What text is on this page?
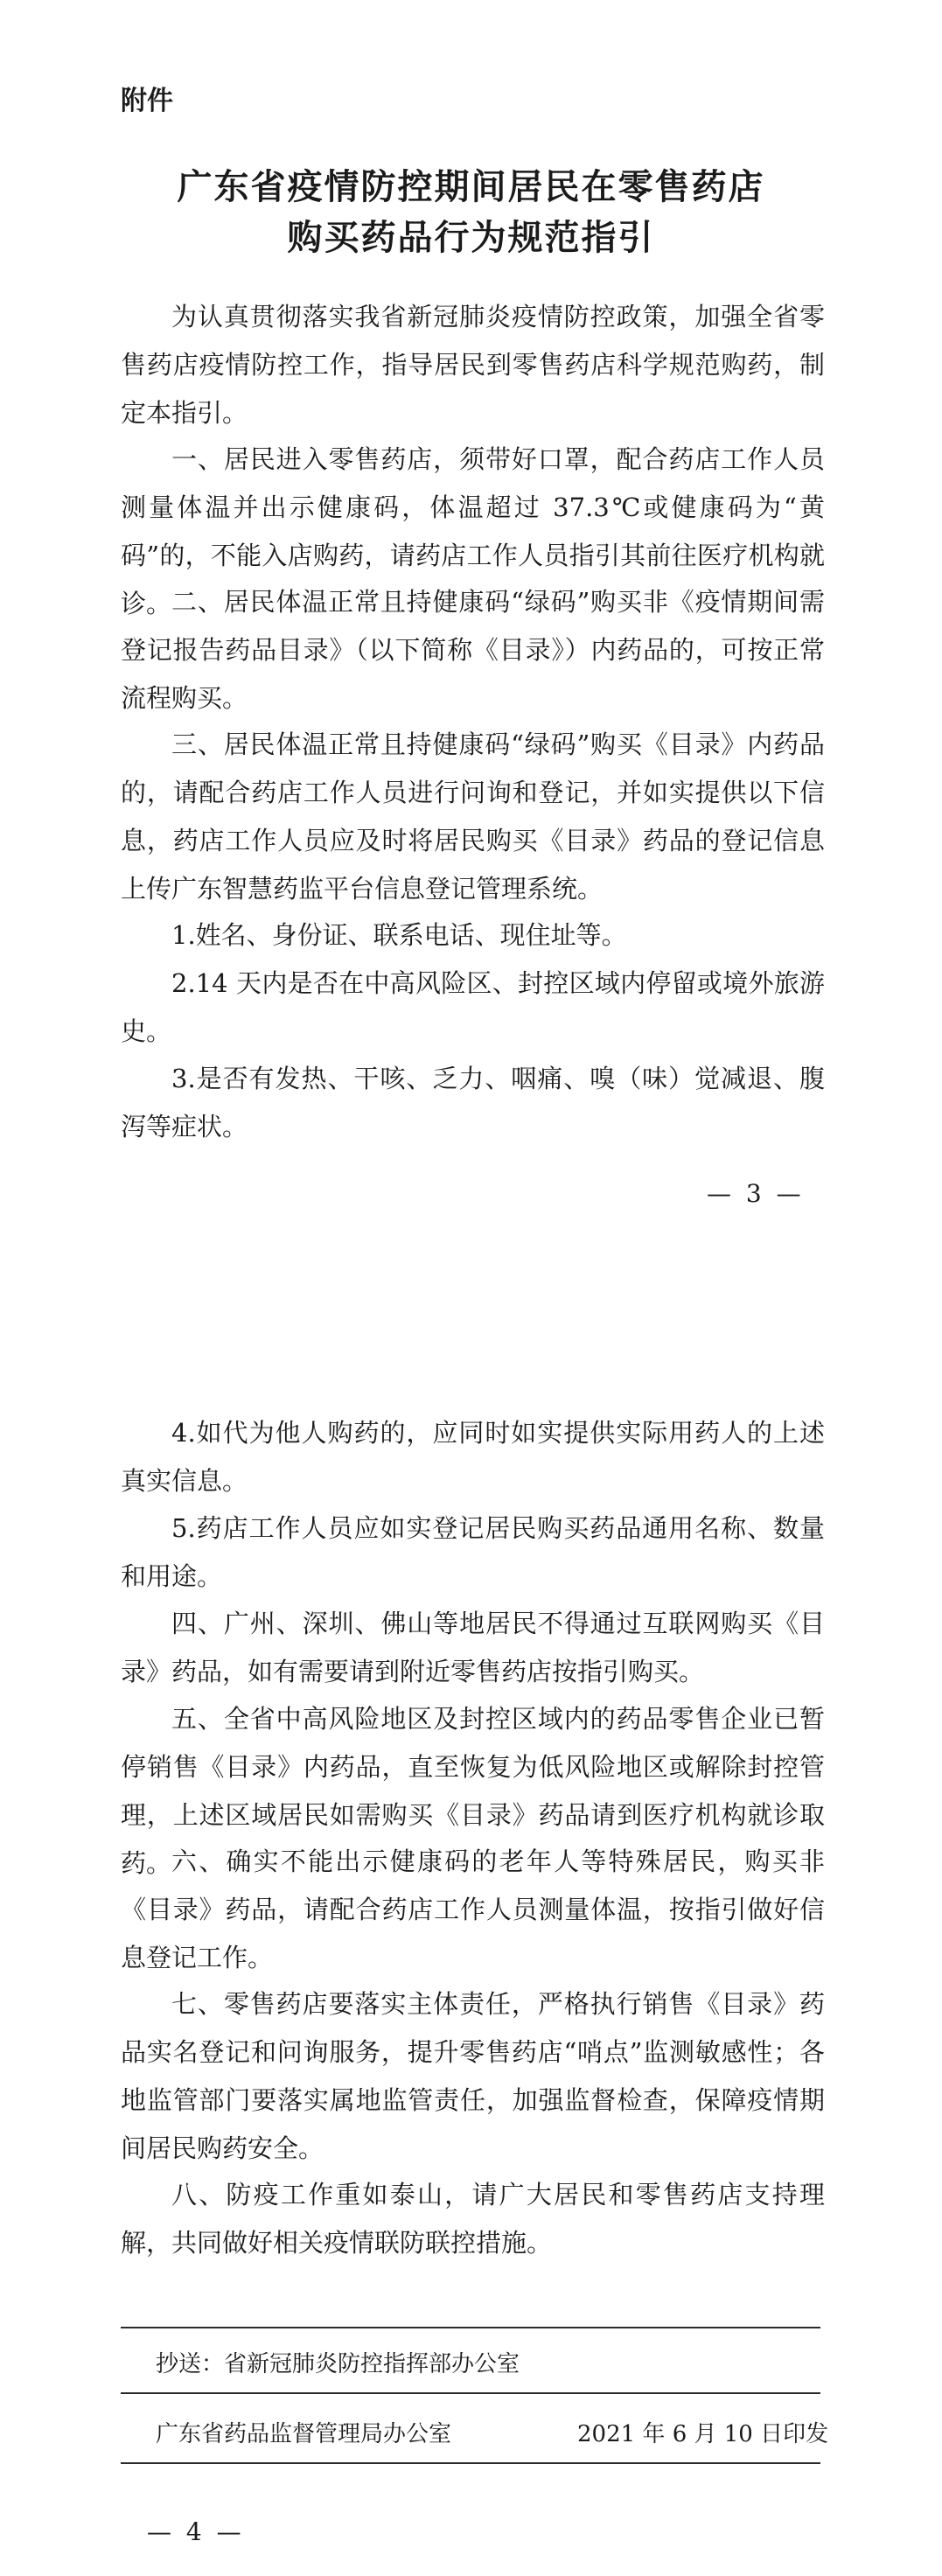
附件
广东省疫情防控期间居民在零售药店
购买药品行为规范指引

为认真贯彻落实我省新冠肺炎疫情防控政策，加强全省零售药店疫情防控工作，指导居民到零售药店科学规范购药，制定本指引。

一、居民进入零售药店，须带好口罩，配合药店工作人员测量体温并出示健康码，体温超过 37.3℃或健康码为“黄码”的，不能入店购药，请药店工作人员指引其前往医疗机构就诊。 二、居民体温正常且持健康码“绿码”购买非《疫情期间需登记报告药品目录》（以下简称《目录》）内药品的，可按正常流程购买。

三、居民体温正常且持健康码“绿码”购买《目录》内药品的，请配合药店工作人员进行问询和登记，并如实提供以下信息，药店工作人员应及时将居民购买《目录》药品的登记信息上传广东智慧药监平台信息登记管理系统。

1.姓名、身份证、联系电话、现住址等。

2.14 天内是否在中高风险区、封控区域内停留或境外旅游史。

3.是否有发热、干咳、乏力、咽痛、嗅（味）觉减退、腹泻等症状。

— 3 —

4.如代为他人购药的，应同时如实提供实际用药人的上述真实信息。

5.药店工作人员应如实登记居民购买药品通用名称、数量和用途。

四、广州、深圳、佛山等地居民不得通过互联网购买《目录》药品，如有需要请到附近零售药店按指引购买。

五、全省中高风险地区及封控区域内的药品零售企业已暂停销售《目录》内药品，直至恢复为低风险地区或解除封控管理，上述区域居民如需购买《目录》药品请到医疗机构就诊取药。 六、确实不能出示健康码的老年人等特殊居民，购买非《目录》药品，请配合药店工作人员测量体温，按指引做好信息登记工作。

七、零售药店要落实主体责任，严格执行销售《目录》药品实名登记和问询服务，提升零售药店“哨点”监测敏感性；各地监管部门要落实属地监管责任，加强监督检查，保障疫情期间居民购药安全。

八、防疫工作重如泰山，请广大居民和零售药店支持理解，共同做好相关疫情联防联控措施。

抄送：省新冠肺炎防控指挥部办公室
广东省药品监督管理局办公室	2021 年 6 月 10 日印发
— 4 —
